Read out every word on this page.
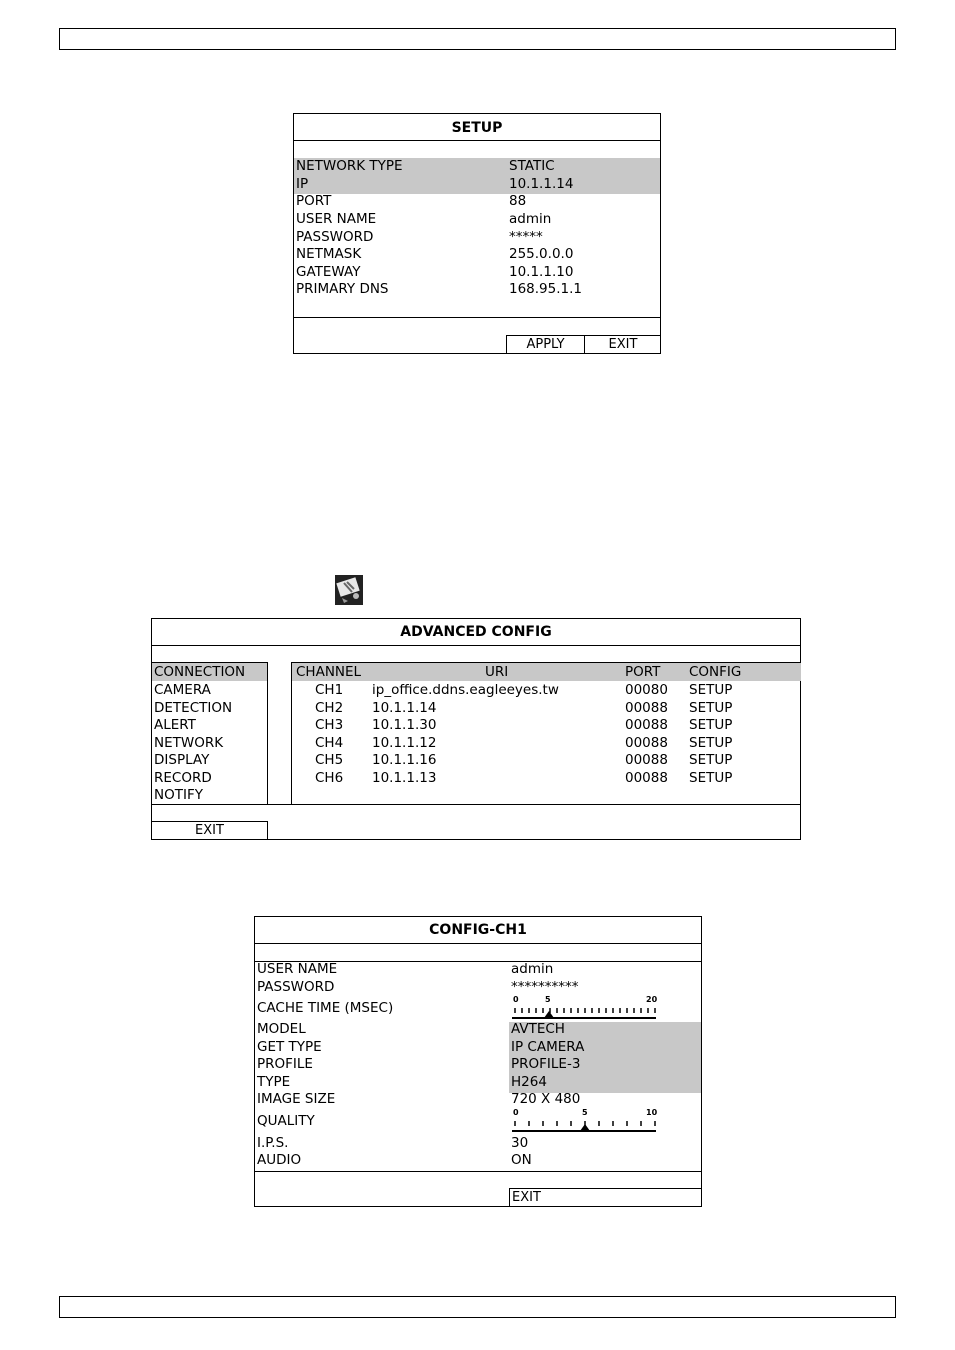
SETUP
NETWORK TYPE	STATIC
IP	10.1.1.14
PORT	88
USER NAME	admin
PASSWORD	*****
NETMASK	255.0.0.0
GATEWAY	10.1.1.10
PRIMARY DNS	168.95.1.1
APPLY	EXIT
ADVANCED CONFIG
CONNECTION
CAMERA
DETECTION
ALERT
NETWORK
DISPLAY
RECORD
NOTIFY
CHANNEL	URI	PORT CONFIG
CH1 ip_office.ddns.eagleeyes.tw	00080 SETUP
CH2 10.1.1.14	00088 SETUP
CH3 10.1.1.30	00088 SETUP
CH4 10.1.1.12	00088 SETUP
CH5 10.1.1.16	00088 SETUP
CH6 10.1.1.13	00088 SETUP
EXIT
CONFIG-CH1
USER NAME	admin
PASSWORD	**********
CACHE TIME (MSEC)
0	5	20
MODEL	AVTECH
GET TYPE	IP CAMERA
PROFILE	PROFILE-3
TYPE	H264
IMAGE SIZE	720 X 480
QUALITY
0	5	10
I.P.S.	30
AUDIO	ON
EXIT
